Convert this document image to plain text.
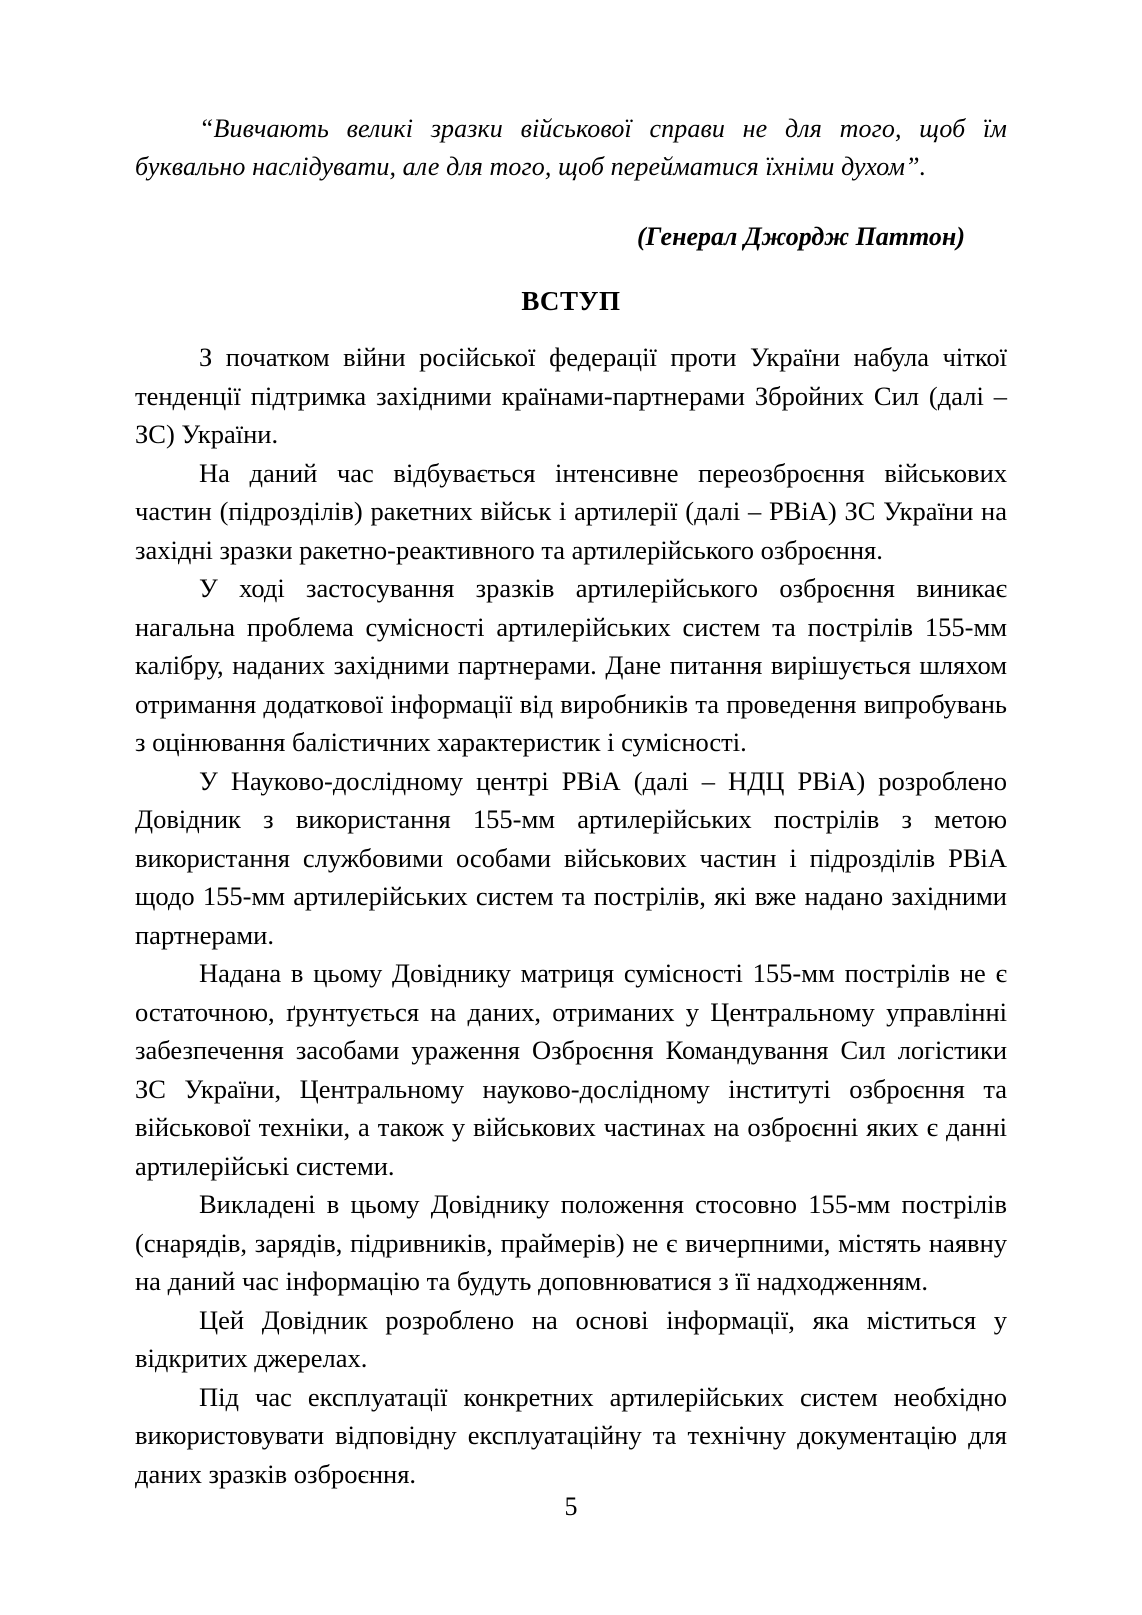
“Вивчають великі зразки військової справи не для того, щоб їм буквально наслідувати, але для того, щоб перейматися їхніми духом”.
(Генерал Джордж Паттон)
ВСТУП

З початком війни російської федерації проти України набула чіткої тенденції підтримка західними країнами-партнерами Збройних Сил (далі – ЗС) України.

На даний час відбувається інтенсивне переозброєння військових частин (підрозділів) ракетних військ і артилерії (далі – РВіА) ЗС України на західні зразки ракетно-реактивного та артилерійського озброєння.

У ході застосування зразків артилерійського озброєння виникає нагальна проблема сумісності артилерійських систем та пострілів 155-мм калібру, наданих західними партнерами. Дане питання вирішується шляхом отримання додаткової інформації від виробників та проведення випробувань з оцінювання балістичних характеристик і сумісності.

У Науково-дослідному центрі РВіА (далі – НДЦ РВіА) розроблено Довідник з використання 155-мм артилерійських пострілів з метою використання службовими особами військових частин і підрозділів РВіА щодо 155-мм артилерійських систем та пострілів, які вже надано західними партнерами.

Надана в цьому Довіднику матриця сумісності 155-мм пострілів не є остаточною, ґрунтується на даних, отриманих у Центральному управлінні забезпечення засобами ураження Озброєння Командування Сил логістики ЗС України, Центральному науково-дослідному інституті озброєння та військової техніки, а також у військових частинах на озброєнні яких є данні артилерійські системи.

Викладені в цьому Довіднику положення стосовно 155-мм пострілів (снарядів, зарядів, підривників, праймерів) не є вичерпними, містять наявну на даний час інформацію та будуть доповнюватися з її надходженням.

Цей Довідник розроблено на основі інформації, яка міститься у відкритих джерелах.

Під час експлуатації конкретних артилерійських систем необхідно використовувати відповідну експлуатаційну та технічну документацію для даних зразків озброєння.

5
